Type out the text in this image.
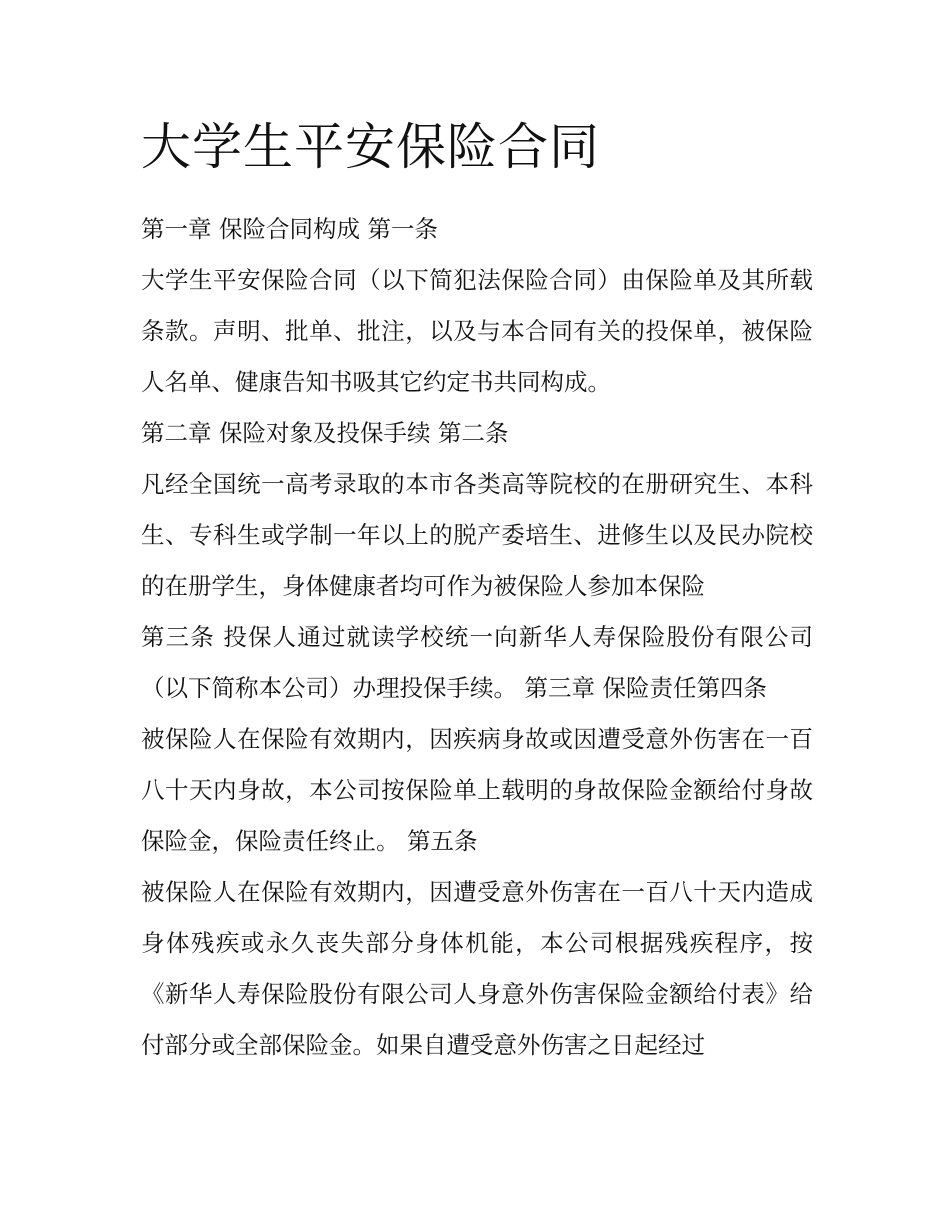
大学生平安保险合同

第一章 保险合同构成 第一条

大学生平安保险合同（以下简犯法保险合同）由保险单及其所载条款。声明、批单、批注，以及与本合同有关的投保单，被保险人名单、健康告知书吸其它约定书共同构成。

第二章 保险对象及投保手续 第二条

凡经全国统一高考录取的本市各类高等院校的在册研究生、本科生、专科生或学制一年以上的脱产委培生、进修生以及民办院校的在册学生，身体健康者均可作为被保险人参加本保险

第三条 投保人通过就读学校统一向新华人寿保险股份有限公司（以下简称本公司）办理投保手续。 第三章 保险责任第四条

被保险人在保险有效期内，因疾病身故或因遭受意外伤害在一百八十天内身故，本公司按保险单上载明的身故保险金额给付身故保险金，保险责任终止。 第五条

被保险人在保险有效期内，因遭受意外伤害在一百八十天内造成身体残疾或永久丧失部分身体机能，本公司根据残疾程序，按《新华人寿保险股份有限公司人身意外伤害保险金额给付表》给付部分或全部保险金。如果自遭受意外伤害之日起经过
